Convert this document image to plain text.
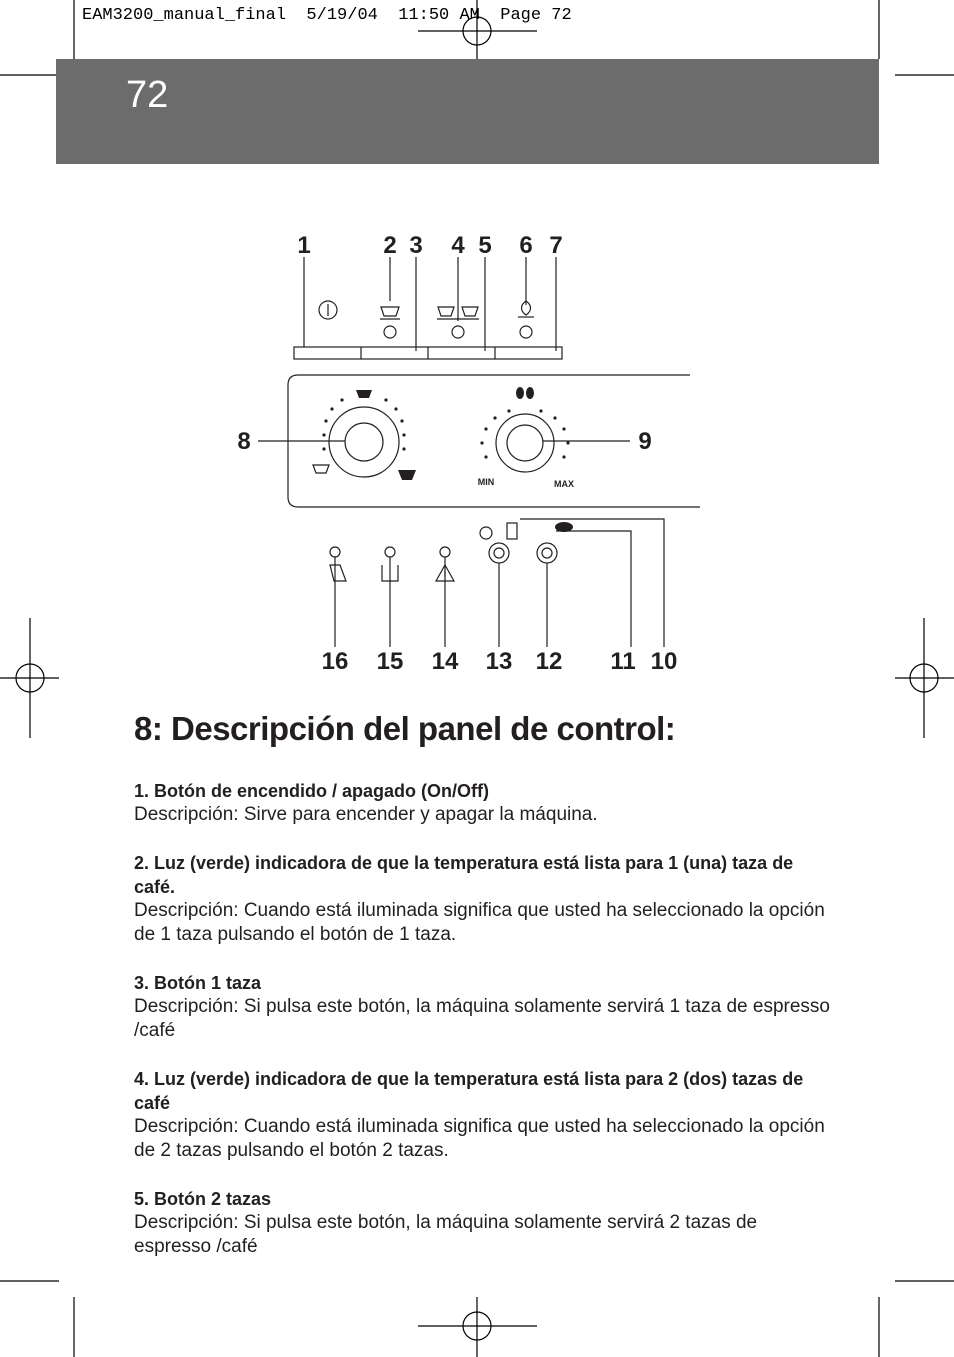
EAM3200_manual_final  5/19/04  11:50 AM  Page 72
72
1	2 3 4 5 6 7
8	9
MIN	MAX
16 15 14 13 12 11 10
8: Descripción del panel de control:

1. Botón de encendido / apagado (On/Off)

Descripción: Sirve para encender y apagar la máquina.

2. Luz (verde) indicadora de que la temperatura está lista para 1 (una) taza de café.

Descripción: Cuando está iluminada significa que usted ha seleccionado la opción de 1 taza pulsando el botón de 1 taza.

3. Botón 1 taza

Descripción: Si pulsa este botón, la máquina solamente servirá 1 taza de espresso /café

4. Luz (verde) indicadora de que la temperatura está lista para 2 (dos) tazas de café

Descripción: Cuando está iluminada significa que usted ha seleccionado la opción de 2 tazas pulsando el botón 2 tazas.

5. Botón 2 tazas

Descripción: Si pulsa este botón, la máquina solamente servirá 2 tazas de espresso /café
